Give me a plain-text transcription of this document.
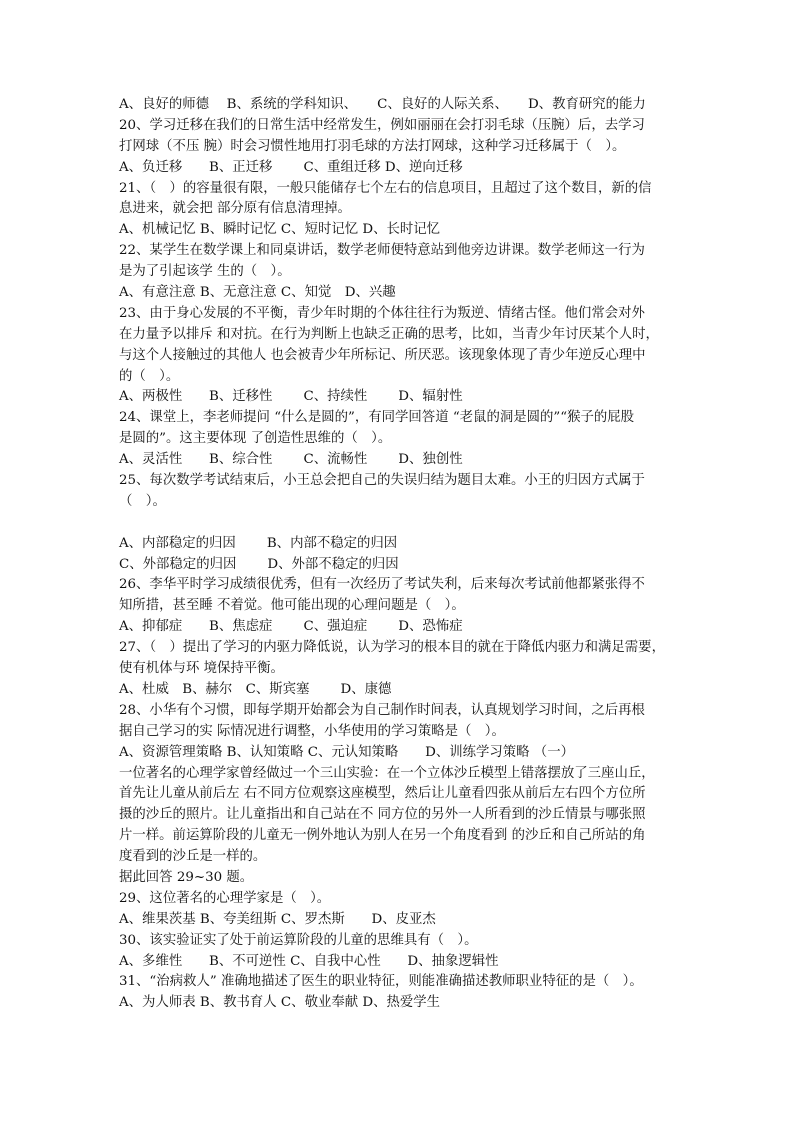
A、良好的师德　 B、系统的学科知识、　　C、良好的人际关系、　　D、教育研究的能力
20、学习迁移在我们的日常生活中经常发生，例如丽丽在会打羽毛球（压腕）后，去学习
打网球（不压 腕）时会习惯性地用打羽毛球的方法打网球，这种学习迁移属于（　）。
A、负迁移　　B、正迁移　　 C、重组迁移 D、逆向迁移
21、（　）的容量很有限，一般只能储存七个左右的信息项目，且超过了这个数目，新的信
息进来，就会把 部分原有信息清理掉。
A、机械记忆 B、瞬时记忆 C、短时记忆 D、长时记忆
22、某学生在数学课上和同桌讲话，数学老师便特意站到他旁边讲课。数学老师这一行为
是为了引起该学 生的（　）。
A、有意注意 B、无意注意 C、知觉　D、兴趣
23、由于身心发展的不平衡，青少年时期的个体往往行为叛逆、情绪古怪。他们常会对外
在力量予以排斥 和对抗。在行为判断上也缺乏正确的思考，比如，当青少年讨厌某个人时，
与这个人接触过的其他人 也会被青少年所标记、所厌恶。该现象体现了青少年逆反心理中
的（　）。
A、两极性　　B、迁移性　　 C、持续性　　 D、辐射性
24、课堂上，李老师提问 “什么是圆的”，有同学回答道 “老鼠的洞是圆的”“猴子的屁股
是圆的”。这主要体现 了创造性思维的（　）。
A、灵活性　　B、综合性　　 C、流畅性　　 D、独创性
25、每次数学考试结束后，小王总会把自己的失误归结为题目太难。小王的归因方式属于
（　）。
A、内部稳定的归因　　 B、内部不稳定的归因
C、外部稳定的归因　　 D、外部不稳定的归因
26、李华平时学习成绩很优秀，但有一次经历了考试失利，后来每次考试前他都紧张得不
知所措，甚至睡 不着觉。他可能出现的心理问题是（　）。
A、抑郁症　　B、焦虑症　　 C、强迫症　　 D、恐怖症
27、（　）提出了学习的内驱力降低说，认为学习的根本目的就在于降低内驱力和满足需要，
使有机体与环 境保持平衡。
A、杜威　B、赫尔　C、斯宾塞　　 D、康德
28、小华有个习惯，即每学期开始都会为自己制作时间表，认真规划学习时间，之后再根
据自己学习的实 际情况进行调整，小华使用的学习策略是（　）。
A、资源管理策略 B、认知策略 C、元认知策略　　D、训练学习策略 （一）
一位著名的心理学家曾经做过一个三山实验：在一个立体沙丘模型上错落摆放了三座山丘，
首先让儿童从前后左 右不同方位观察这座模型，然后让儿童看四张从前后左右四个方位所
摄的沙丘的照片。让儿童指出和自己站在不 同方位的另外一人所看到的沙丘情景与哪张照
片一样。前运算阶段的儿童无一例外地认为别人在另一个角度看到 的沙丘和自己所站的角
度看到的沙丘是一样的。
据此回答 29~30 题。
29、这位著名的心理学家是（　）。
A、维果茨基 B、夸美纽斯 C、罗杰斯　　D、皮亚杰
30、该实验证实了处于前运算阶段的儿童的思维具有（　）。
A、多维性　　B、不可逆性 C、自我中心性　　D、抽象逻辑性
31、“治病救人” 准确地描述了医生的职业特征，则能准确描述教师职业特征的是（　）。
A、为人师表 B、教书育人 C、敬业奉献 D、热爱学生
